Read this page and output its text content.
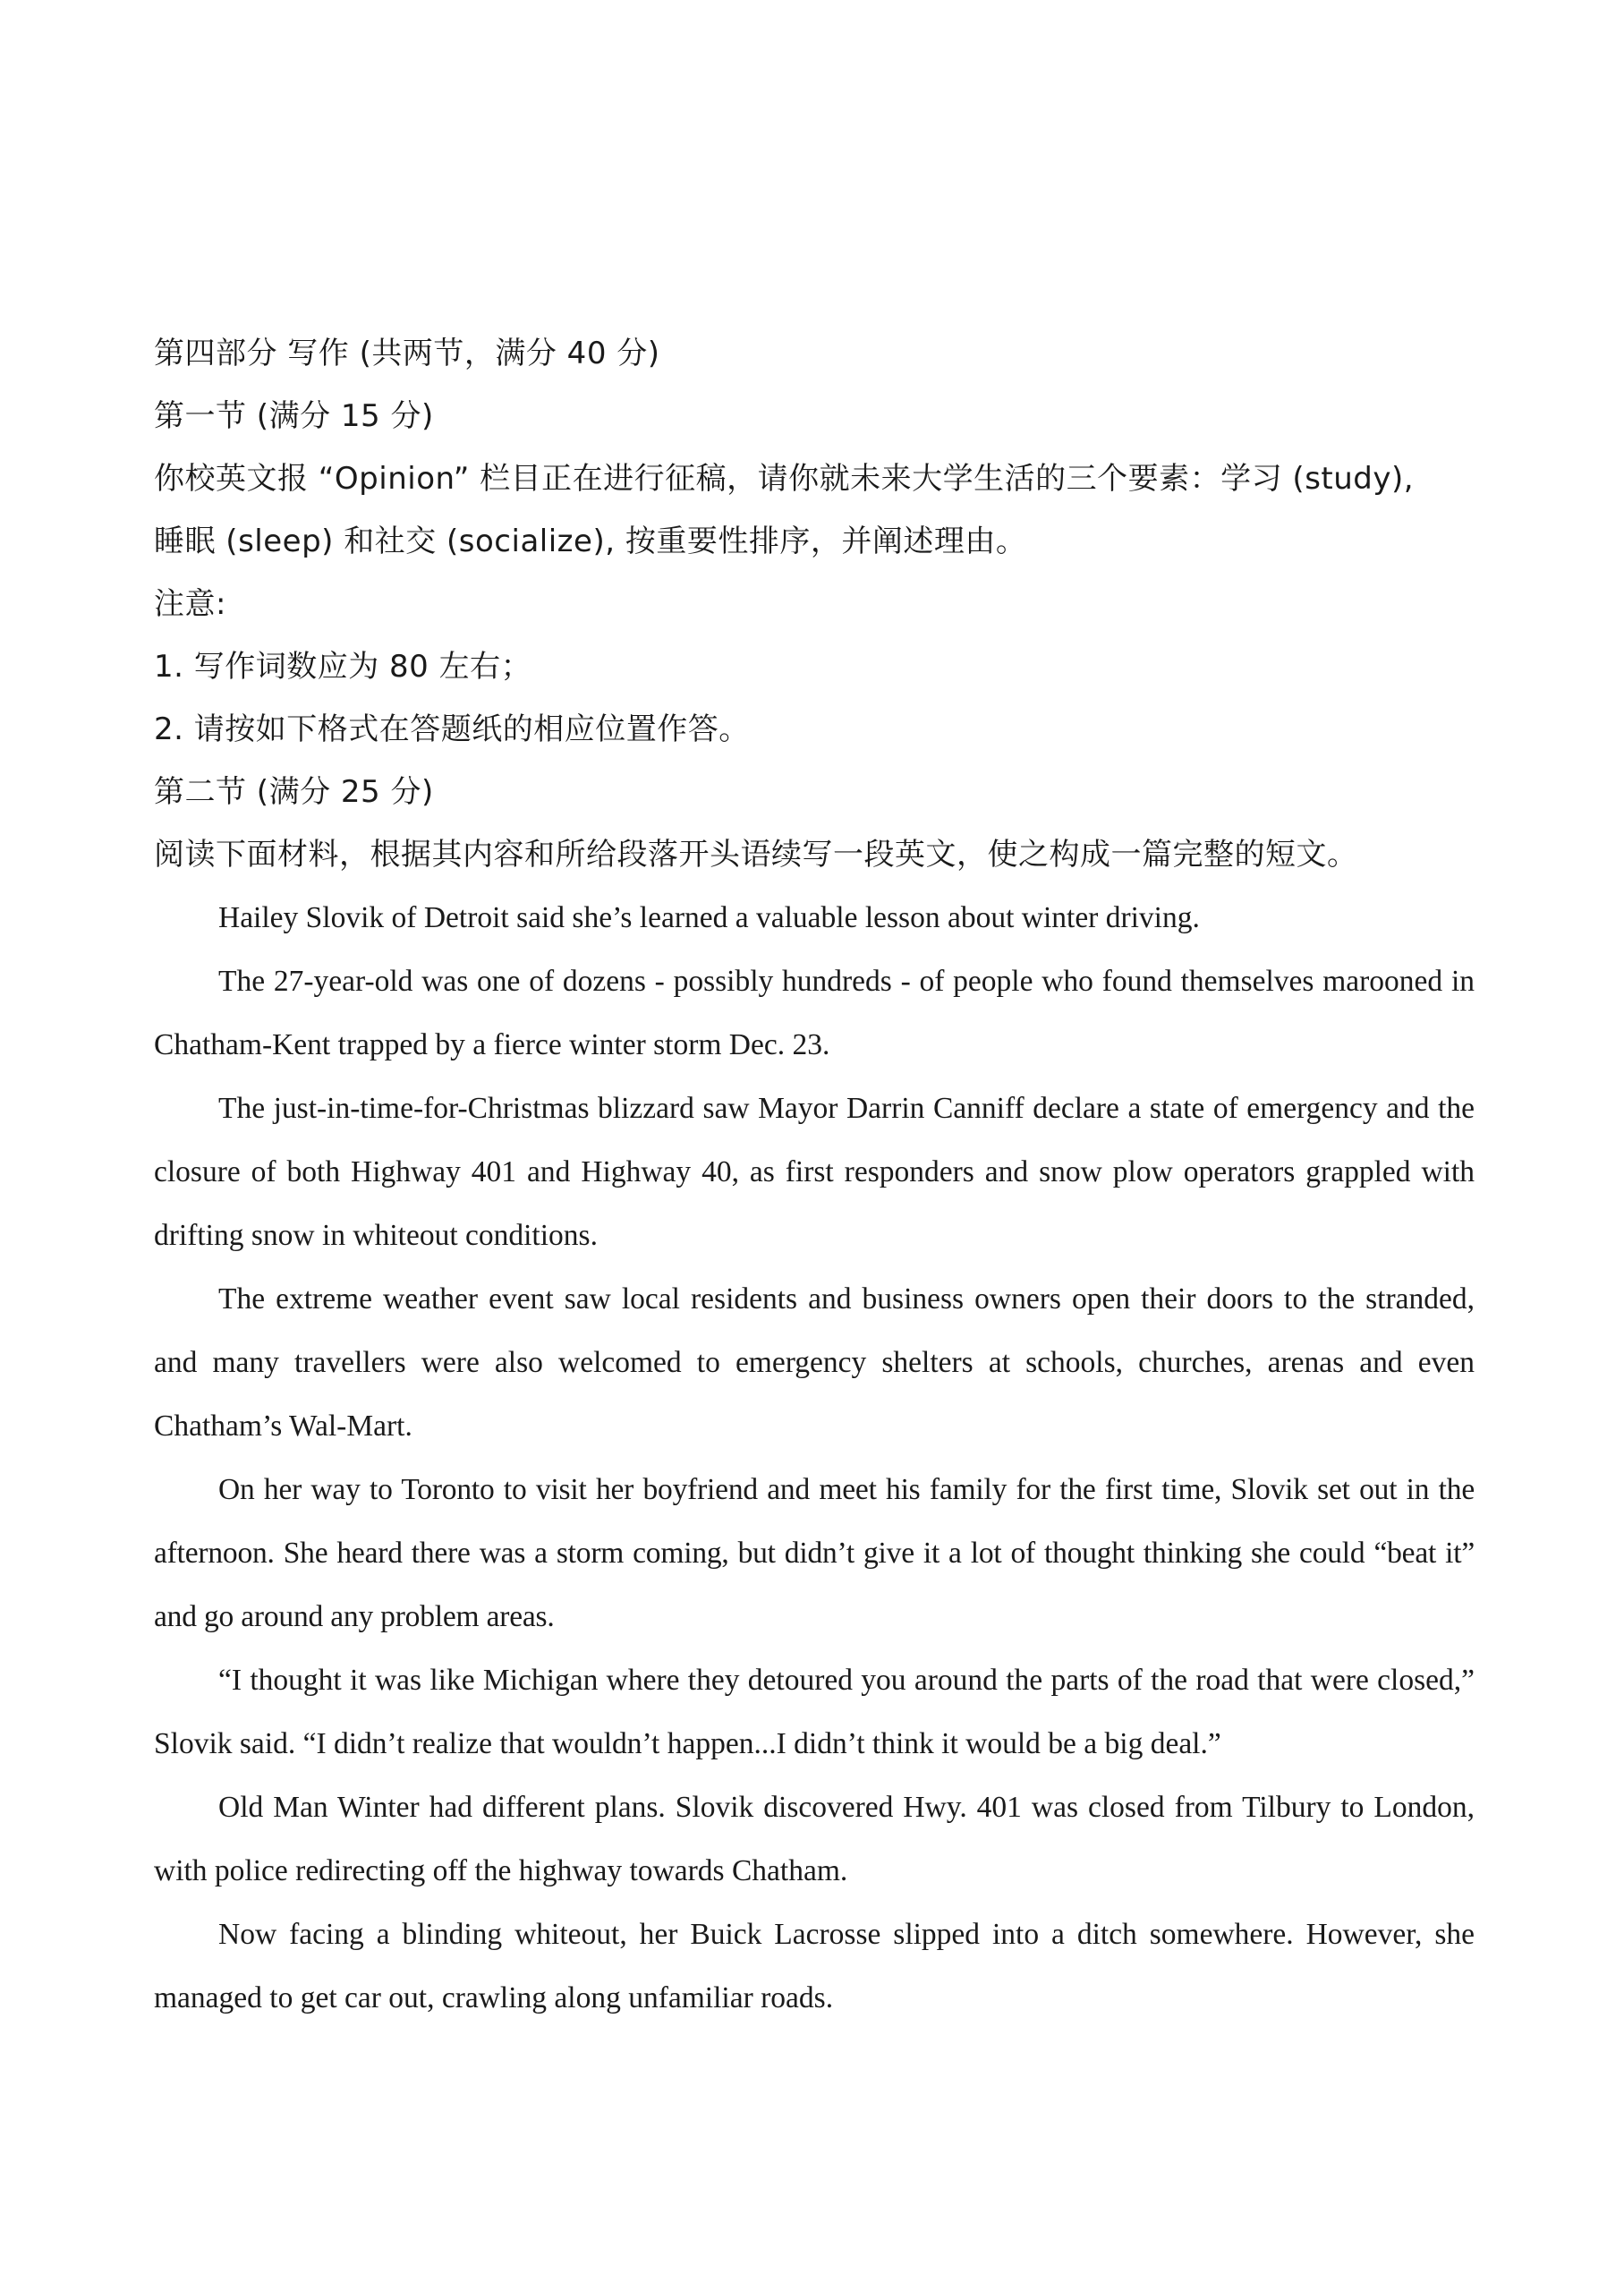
第四部分 写作 (共两节，满分 40 分)
第一节 (满分 15 分)
你校英文报 “Opinion” 栏目正在进行征稿，请你就未来大学生活的三个要素：学习 (study),
睡眠 (sleep) 和社交 (socialize), 按重要性排序，并阐述理由。
注意:
1. 写作词数应为 80 左右；
2. 请按如下格式在答题纸的相应位置作答。
第二节 (满分 25 分)
阅读下面材料，根据其内容和所给段落开头语续写一段英文，使之构成一篇完整的短文。

Hailey Slovik of Detroit said she’s learned a valuable lesson about winter driving.

The 27-year-old was one of dozens - possibly hundreds - of people who found themselves marooned in Chatham-Kent trapped by a fierce winter storm Dec. 23.

The just-in-time-for-Christmas blizzard saw Mayor Darrin Canniff declare a state of emergency and the closure of both Highway 401 and Highway 40, as first responders and snow plow operators grappled with drifting snow in whiteout conditions.

The extreme weather event saw local residents and business owners open their doors to the stranded, and many travellers were also welcomed to emergency shelters at schools, churches, arenas and even Chatham’s Wal-Mart.

On her way to Toronto to visit her boyfriend and meet his family for the first time, Slovik set out in the afternoon. She heard there was a storm coming, but didn’t give it a lot of thought thinking she could “beat it” and go around any problem areas.

“I thought it was like Michigan where they detoured you around the parts of the road that were closed,” Slovik said. “I didn’t realize that wouldn’t happen...I didn’t think it would be a big deal.”

Old Man Winter had different plans. Slovik discovered Hwy. 401 was closed from Tilbury to London, with police redirecting off the highway towards Chatham.

Now facing a blinding whiteout, her Buick Lacrosse slipped into a ditch somewhere. However, she managed to get car out, crawling along unfamiliar roads.
